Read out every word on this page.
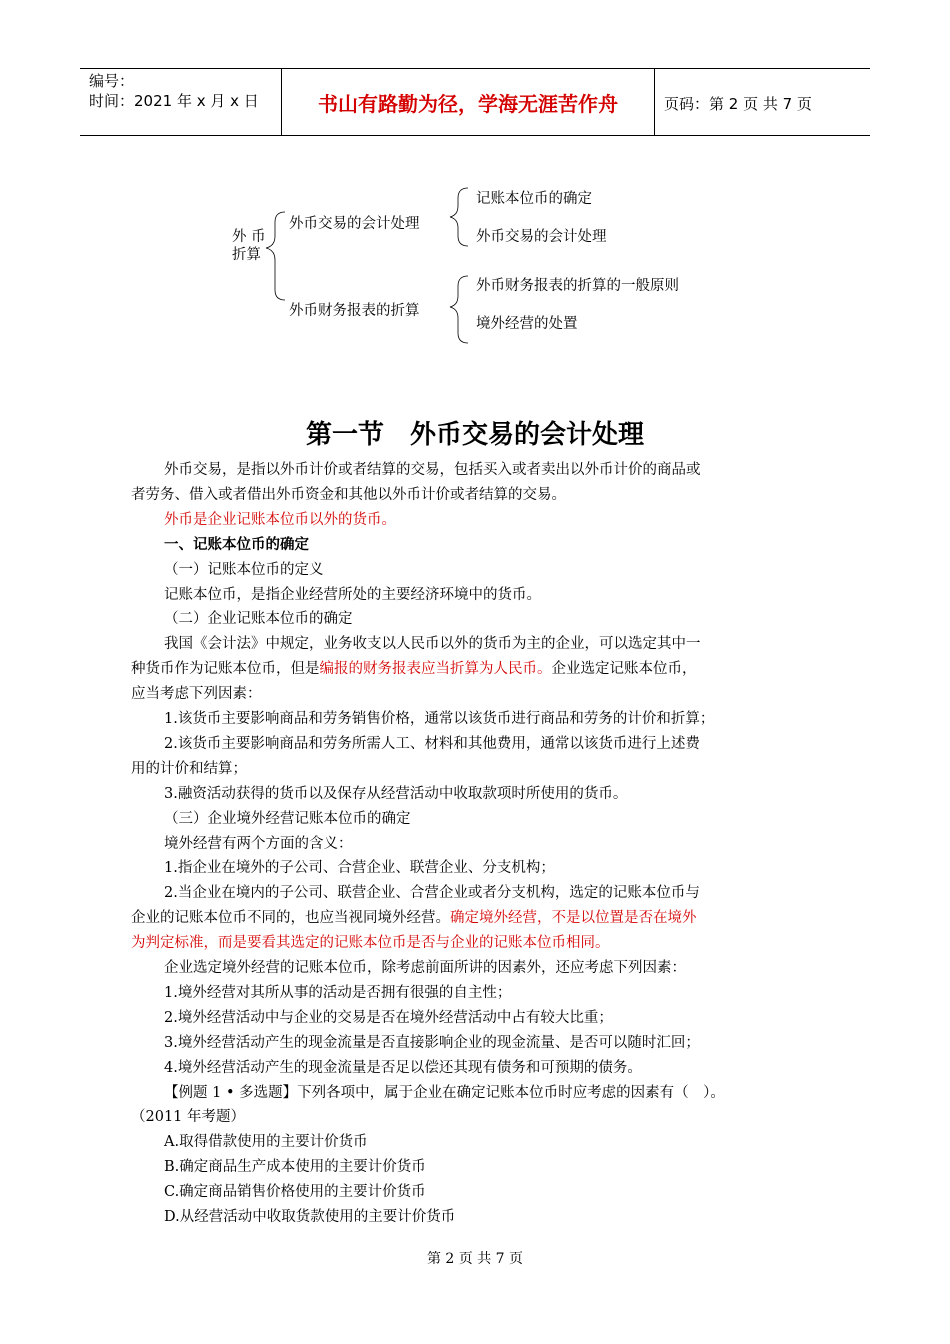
编号：
时间：2021 年 x 月 x 日	书山有路勤为径，学海无涯苦作舟	页码：第 2 页 共 7 页
外 币
折算
外币交易的会计处理
外币财务报表的折算
记账本位币的确定
外币交易的会计处理
外币财务报表的折算的一般原则
境外经营的处置
第一节　外币交易的会计处理
外币交易，是指以外币计价或者结算的交易，包括买入或者卖出以外币计价的商品或
者劳务、借入或者借出外币资金和其他以外币计价或者结算的交易。
外币是企业记账本位币以外的货币。
一、记账本位币的确定
（一）记账本位币的定义
记账本位币，是指企业经营所处的主要经济环境中的货币。
（二）企业记账本位币的确定
我国《会计法》中规定，业务收支以人民币以外的货币为主的企业，可以选定其中一
种货币作为记账本位币，但是编报的财务报表应当折算为人民币。企业选定记账本位币，
应当考虑下列因素：
1.该货币主要影响商品和劳务销售价格，通常以该货币进行商品和劳务的计价和折算；
2.该货币主要影响商品和劳务所需人工、材料和其他费用，通常以该货币进行上述费
用的计价和结算；
3.融资活动获得的货币以及保存从经营活动中收取款项时所使用的货币。
（三）企业境外经营记账本位币的确定
境外经营有两个方面的含义：
1.指企业在境外的子公司、合营企业、联营企业、分支机构；
2.当企业在境内的子公司、联营企业、合营企业或者分支机构，选定的记账本位币与
企业的记账本位币不同的，也应当视同境外经营。确定境外经营，不是以位置是否在境外
为判定标准，而是要看其选定的记账本位币是否与企业的记账本位币相同。
企业选定境外经营的记账本位币，除考虑前面所讲的因素外，还应考虑下列因素：
1.境外经营对其所从事的活动是否拥有很强的自主性；
2.境外经营活动中与企业的交易是否在境外经营活动中占有较大比重；
3.境外经营活动产生的现金流量是否直接影响企业的现金流量、是否可以随时汇回；
4.境外经营活动产生的现金流量是否足以偿还其现有债务和可预期的债务。
【例题 1 • 多选题】下列各项中，属于企业在确定记账本位币时应考虑的因素有（　）。
（2011 年考题）
A.取得借款使用的主要计价货币
B.确定商品生产成本使用的主要计价货币
C.确定商品销售价格使用的主要计价货币
D.从经营活动中收取货款使用的主要计价货币
第 2 页 共 7 页
